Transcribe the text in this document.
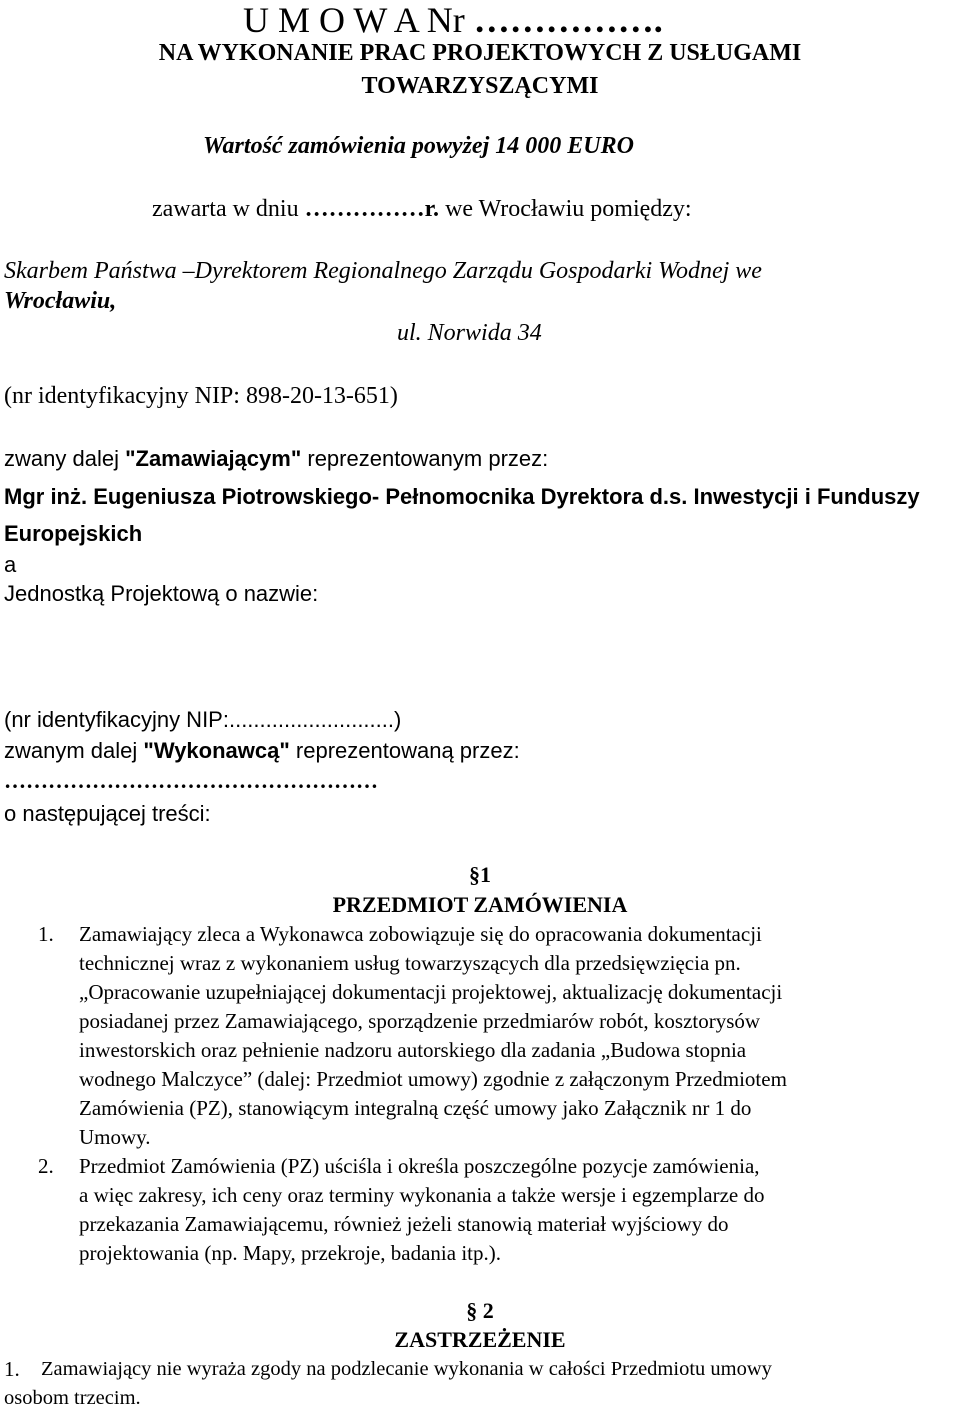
U M O W A Nr …………….
NA WYKONANIE PRAC PROJEKTOWYCH Z USŁUGAMI
TOWARZYSZĄCYMI
Wartość zamówienia powyżej 14 000 EURO
zawarta w dniu ……………r. we Wrocławiu pomiędzy:
Skarbem Państwa –Dyrektorem Regionalnego Zarządu Gospodarki Wodnej we
Wrocławiu,
ul. Norwida 34
(nr identyfikacyjny NIP: 898-20-13-651)
zwany dalej "Zamawiającym" reprezentowanym przez:
Mgr inż. Eugeniusza Piotrowskiego- Pełnomocnika Dyrektora d.s. Inwestycji i Funduszy
Europejskich
a
Jednostką Projektową o nazwie:
(nr identyfikacyjny NIP:...........................)
zwanym dalej "Wykonawcą" reprezentowaną przez:
……………………………………………
o następującej treści:
§1
PRZEDMIOT ZAMÓWIENIA
1. Zamawiający zleca a Wykonawca zobowiązuje się do opracowania dokumentacji
technicznej wraz z wykonaniem usług towarzyszących dla przedsięwzięcia pn.
„Opracowanie uzupełniającej dokumentacji projektowej, aktualizację dokumentacji
posiadanej przez Zamawiającego, sporządzenie przedmiarów robót, kosztorysów
inwestorskich oraz pełnienie nadzoru autorskiego dla zadania „Budowa stopnia
wodnego Malczyce” (dalej: Przedmiot umowy) zgodnie z załączonym Przedmiotem
Zamówienia (PZ), stanowiącym integralną część umowy jako Załącznik nr 1 do
Umowy.
2. Przedmiot Zamówienia (PZ) uściśla i określa poszczególne pozycje zamówienia,
a więc zakresy, ich ceny oraz terminy wykonania a także wersje i egzemplarze do
przekazania Zamawiającemu, również jeżeli stanowią materiał wyjściowy do
projektowania (np. Mapy, przekroje, badania itp.).
§ 2
ZASTRZEŻENIE
1. Zamawiający nie wyraża zgody na podzlecanie wykonania w całości Przedmiotu umowy
osobom trzecim.
